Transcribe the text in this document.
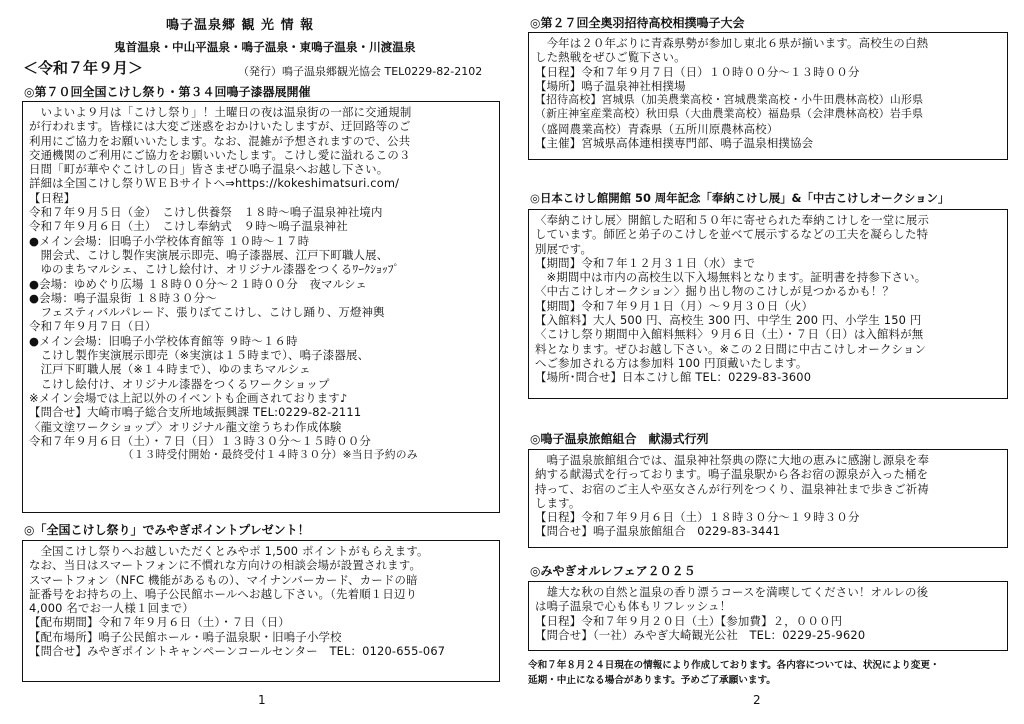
鳴子温泉郷 観 光 情 報
鬼首温泉・中山平温泉・鳴子温泉・東鳴子温泉・川渡温泉
＜令和７年９月＞	（発行）鳴子温泉郷観光協会 TEL0229-82-2102
◎第７０回全国こけし祭り・第３４回鳴子漆器展開催
　いよいよ９月は「こけし祭り」！土曜日の夜は温泉街の一部に交通規制
が行われます。皆様には大変ご迷惑をおかけいたしますが、迂回路等のご
利用にご協力をお願いいたします。なお、混雑が予想されますので、公共
交通機関のご利用にご協力をお願いいたします。こけし愛に溢れるこの３
日間「町が華やぐこけしの日」皆さまぜひ鳴子温泉へお越し下さい。
詳細は全国こけし祭りＷＥＢサイトへ⇒https://kokeshimatsuri.com/
【日程】
令和７年９月５日（金）　こけし供養祭　１８時～鳴子温泉神社境内
令和７年９月６日（土）　こけし奉納式　９時～鳴子温泉神社
●メイン会場：旧鳴子小学校体育館等 １０時～１７時
　開会式、こけし製作実演展示即売、鳴子漆器展、江戸下町職人展、
　ゆのまちマルシェ、こけし絵付け、オリジナル漆器をつくるﾜｰｸｼｮｯﾌﾟ
●会場：ゆめぐり広場 １８時００分～２１時００分　夜マルシェ
●会場：鳴子温泉街 １８時３０分～
　フェスティバルパレード、張りぼてこけし、こけし踊り、万燈神輿
令和７年９月７日（日）
●メイン会場：旧鳴子小学校体育館等 ９時～１６時
　こけし製作実演展示即売（※実演は１５時まで）、鳴子漆器展、
　江戸下町職人展（※１４時まで）、ゆのまちマルシェ
　こけし絵付け、オリジナル漆器をつくるワークショップ
※メイン会場では上記以外のイベントも企画されております♪
【問合せ】大崎市鳴子総合支所地域振興課 TEL:0229-82-2111
〈龍文塗ワークショップ〉オリジナル龍文塗うちわ作成体験
令和７年９月６日（土）・７日（日）１３時３０分～１５時００分
　　　　　　　　　（１３時受付開始・最終受付１４時３０分）※当日予約のみ
◎「全国こけし祭り」でみやぎポイントプレゼント！
　全国こけし祭りへお越しいただくとみやポ 1,500 ポイントがもらえます。
なお、当日はスマートフォンに不慣れな方向けの相談会場が設置されます。
スマートフォン（NFC 機能があるもの）、マイナンバーカード、カードの暗
証番号をお持ちの上、鳴子公民館ホールへお越し下さい。（先着順１日辺り
4,000 名でお一人様１回まで）
【配布期間】令和７年９月６日（土）・７日（日）
【配布場所】鳴子公民館ホール・鳴子温泉駅・旧鳴子小学校
【問合せ】みやぎポイントキャンペーンコールセンター　TEL：0120-655-067
1
◎第２７回全奥羽招待高校相撲鳴子大会
　今年は２０年ぶりに青森県勢が参加し東北６県が揃います。高校生の白熱
した熱戦をぜひご覧下さい。
【日程】令和７年９月７日（日）１０時００分～１３時００分
【場所】鳴子温泉神社相撲場
【招待高校】宮城県（加美農業高校・宮城農業高校・小牛田農林高校）山形県
（新庄神室産業高校）秋田県（大曲農業高校）福島県（会津農林高校）岩手県
（盛岡農業高校）青森県（五所川原農林高校）
【主催】宮城県高体連相撲専門部、鳴子温泉相撲協会
◎日本こけし館開館 50 周年記念「奉納こけし展」&「中古こけしオークション」
〈奉納こけし展〉開館した昭和５０年に寄せられた奉納こけしを一堂に展示
しています。師匠と弟子のこけしを並べて展示するなどの工夫を凝らした特
別展です。
【期間】令和７年１２月３１日（水）まで
　※期間中は市内の高校生以下入場無料となります。証明書を持参下さい。
〈中古こけしオークション〉掘り出し物のこけしが見つかるかも！？
【期間】令和７年９月１日（月）～９月３０日（火）
【入館料】大人 500 円、高校生 300 円、中学生 200 円、小学生 150 円
〈こけし祭り期間中入館料無料〉９月６日（土）・７日（日）は入館料が無
料となります。ぜひお越し下さい。※この２日間に中古こけしオークション
へご参加される方は参加料 100 円頂戴いたします。
【場所･問合せ】日本こけし館 TEL：0229-83-3600
◎鳴子温泉旅館組合　献湯式行列
　鳴子温泉旅館組合では、温泉神社祭典の際に大地の恵みに感謝し源泉を奉
納する献湯式を行っております。鳴子温泉駅から各お宿の源泉が入った桶を
持って、お宿のご主人や巫女さんが行列をつくり、温泉神社まで歩きご祈祷
します。
【日程】令和７年９月６日（土）１８時３０分～１９時３０分
【問合せ】鳴子温泉旅館組合　0229-83-3441
◎みやぎオルレフェア２０２５
　雄大な秋の自然と温泉の香り漂うコースを満喫してください！オルレの後
は鳴子温泉で心も体もリフレッシュ！
【日程】令和７年９月２０日（土）【参加費】２，０００円
【問合せ】（一社）みやぎ大崎観光公社　TEL：0229-25-9620
令和７年８月２４日現在の情報により作成しております。各内容については、状況により変更・
延期・中止になる場合があります。予めご了承願います。
2
